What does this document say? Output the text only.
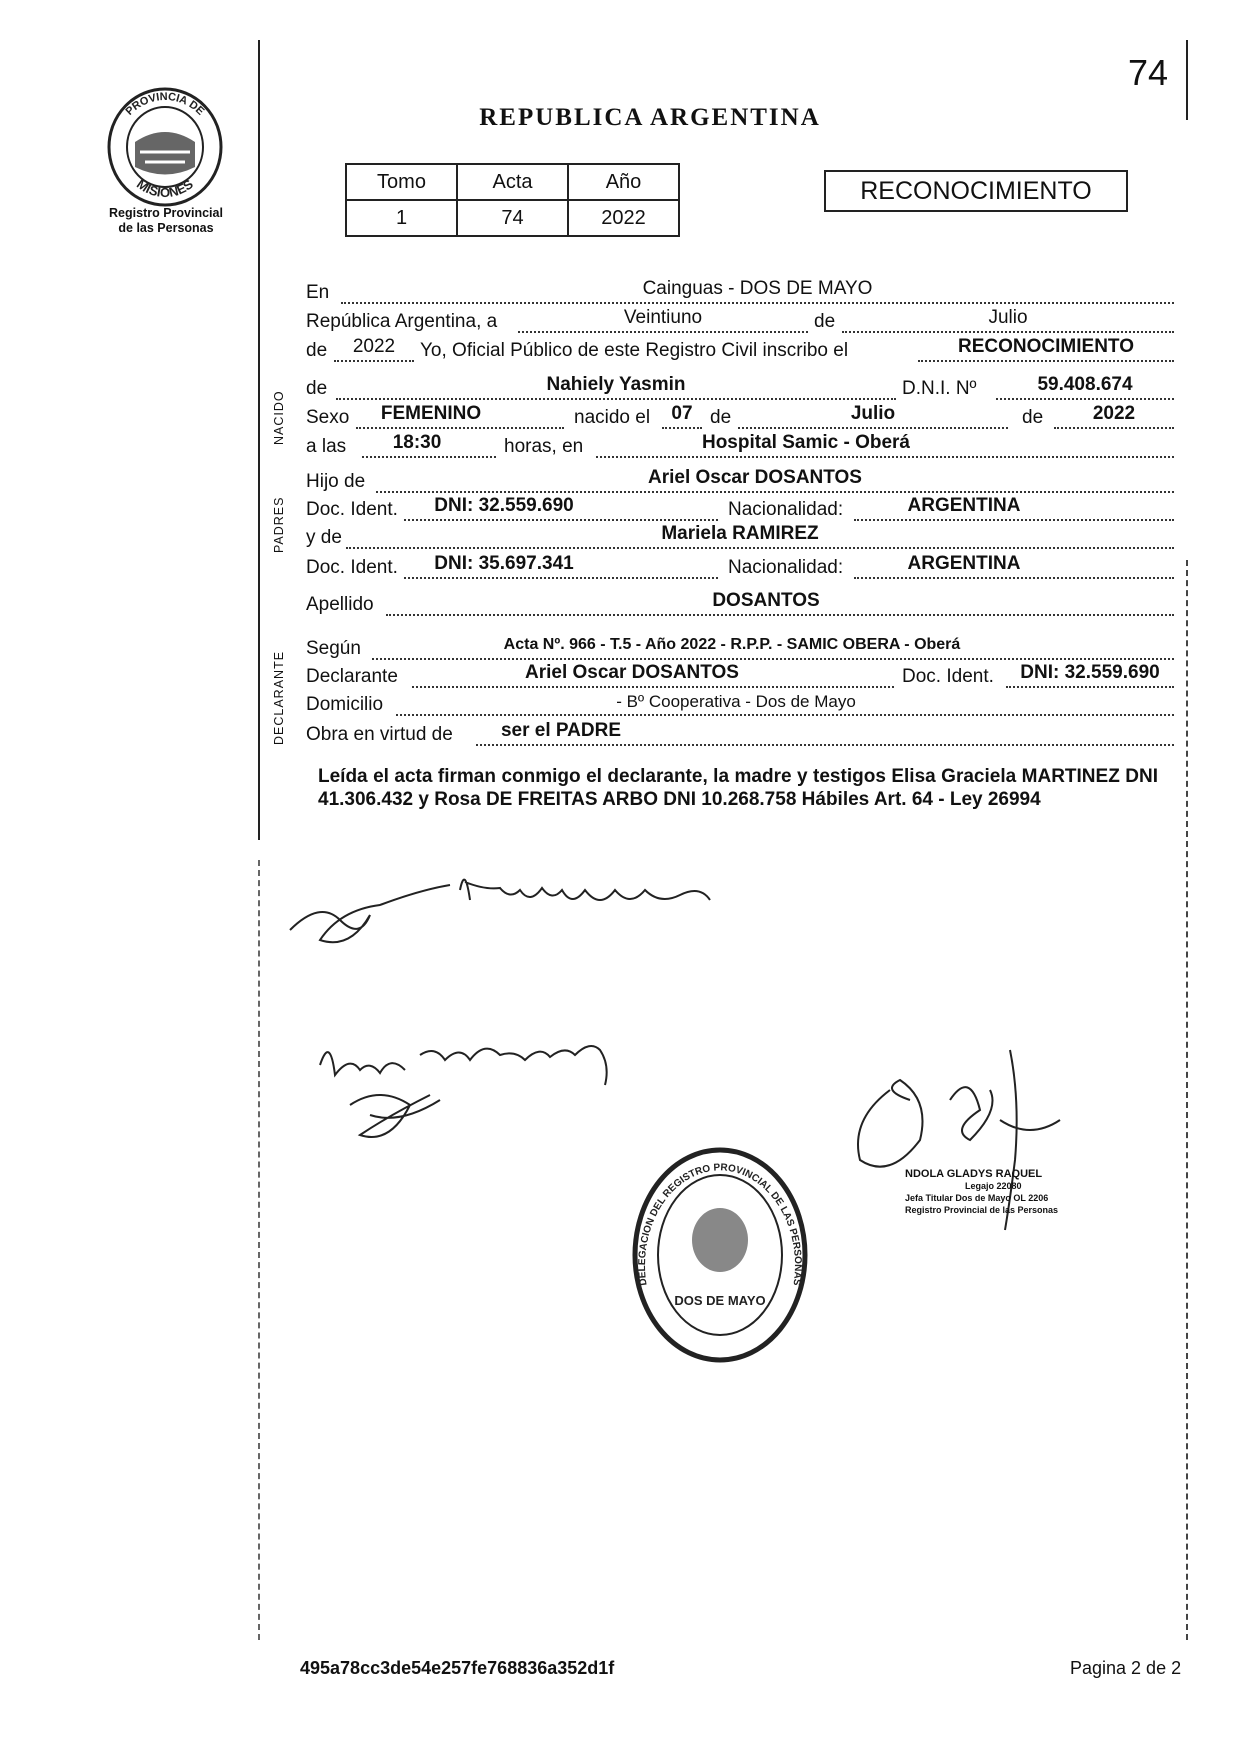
74
PROVINCIA DE
MISIONES
Registro Provincial
de las Personas
REPUBLICA ARGENTINA
Tomo	Acta	Año
1	74	2022
RECONOCIMIENTO
NACIDO
PADRES
DECLARANTE
En	Cainguas - DOS DE MAYO
República Argentina, a	Veintiuno	de	Julio
de	2022	Yo, Oficial Público de este Registro Civil inscribo el	RECONOCIMIENTO
de	Nahiely Yasmin	D.N.I. Nº	59.408.674
Sexo	FEMENINO	nacido el	07 de	Julio	de	2022
a las	18:30	horas, en	Hospital Samic - Oberá
Hijo de	Ariel Oscar DOSANTOS
Doc. Ident.	DNI: 32.559.690	Nacionalidad:	ARGENTINA
y de	Mariela RAMIREZ
Doc. Ident.	DNI: 35.697.341	Nacionalidad:	ARGENTINA
Apellido	DOSANTOS
Según	Acta Nº. 966 - T.5 - Año 2022 - R.P.P. - SAMIC OBERA - Oberá
Declarante	Ariel Oscar DOSANTOS	Doc. Ident.	DNI: 32.559.690
Domicilio	- Bº Cooperativa - Dos de Mayo
Obra en virtud de	ser el PADRE
Leída el acta firman conmigo el declarante, la madre y testigos Elisa Graciela MARTINEZ DNI 41.306.432 y Rosa DE FREITAS ARBO DNI 10.268.758 Hábiles Art. 64 - Ley 26994
DELEGACION DEL REGISTRO PROVINCIAL DE LAS PERSONAS
DOS DE MAYO
NDOLA GLADYS RAQUEL
Legajo 22080
Jefa Titular Dos de Mayo OL 2206
Registro Provincial de las Personas
495a78cc3de54e257fe768836a352d1f	Pagina 2 de 2
